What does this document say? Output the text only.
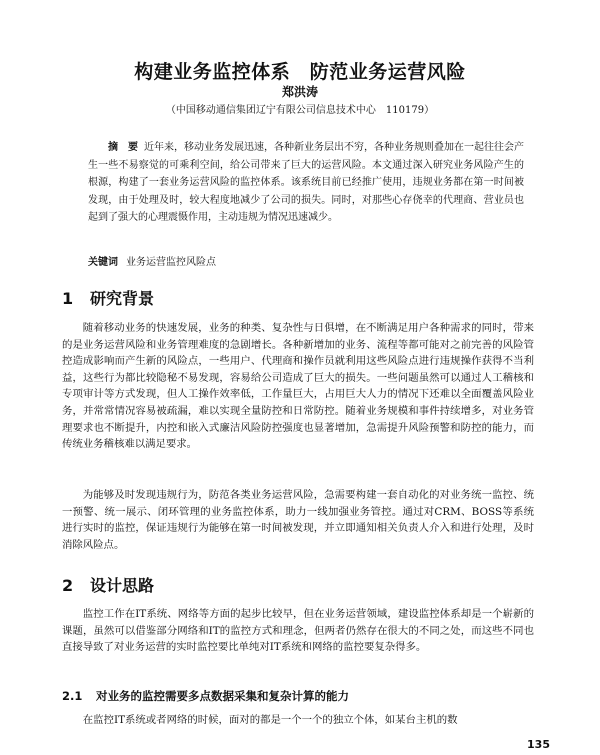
构建业务监控体系　防范业务运营风险
郑洪涛
（中国移动通信集团辽宁有限公司信息技术中心　110179）
摘　要 近年来，移动业务发展迅速，各种新业务层出不穷，各种业务规则叠加在一起往往会产生一些不易察觉的可乘利空间，给公司带来了巨大的运营风险。本文通过深入研究业务风险产生的根源，构建了一套业务运营风险的监控体系。该系统目前已经推广使用，违规业务都在第一时间被发现，由于处理及时，较大程度地减少了公司的损失。同时，对那些心存侥幸的代理商、营业员也起到了强大的心理震慑作用，主动违规为情况迅速减少。
关键词 业务运营监控风险点
1 研究背景
随着移动业务的快速发展，业务的种类、复杂性与日俱增，在不断满足用户各种需求的同时，带来的是业务运营风险和业务管理难度的急剧增长。各种新增加的业务、流程等都可能对之前完善的风险管控造成影响而产生新的风险点，一些用户、代理商和操作员就利用这些风险点进行违规操作获得不当利益，这些行为都比较隐秘不易发现，容易给公司造成了巨大的损失。一些问题虽然可以通过人工稽核和专项审计等方式发现，但人工操作效率低，工作量巨大，占用巨大人力的情况下还难以全面覆盖风险业务，并常常情况容易被疏漏，难以实现全量防控和日常防控。随着业务规模和事件持续增多，对业务管理要求也不断提升，内控和嵌入式廉洁风险防控强度也显著增加，急需提升风险预警和防控的能力，而传统业务稽核难以满足要求。
为能够及时发现违规行为，防范各类业务运营风险，急需要构建一套自动化的对业务统一监控、统一预警、统一展示、闭环管理的业务监控体系，助力一线加强业务管控。通过对CRM、BOSS等系统进行实时的监控，保证违规行为能够在第一时间被发现，并立即通知相关负责人介入和进行处理，及时消除风险点。
2 设计思路
监控工作在IT系统、网络等方面的起步比较早，但在业务运营领域，建设监控体系却是一个崭新的课题，虽然可以借鉴部分网络和IT的监控方式和理念，但两者仍然存在很大的不同之处，而这些不同也直接导致了对业务运营的实时监控要比单纯对IT系统和网络的监控要复杂得多。
2.1 对业务的监控需要多点数据采集和复杂计算的能力
在监控IT系统或者网络的时候，面对的都是一个一个的独立个体，如某台主机的数
135
